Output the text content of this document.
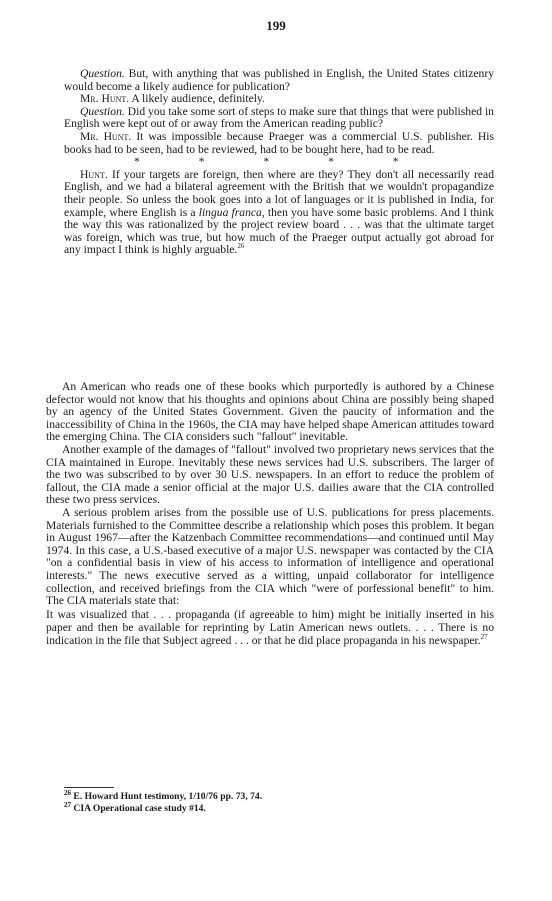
199

Question. But, with anything that was published in English, the United States citizenry would become a likely audience for publication?

Mr. Hunt. A likely audience, definitely.

Question. Did you take some sort of steps to make sure that things that were published in English were kept out of or away from the American reading public?

Mr. Hunt. It was impossible because Praeger was a commercial U.S. publisher. His books had to be seen, had to be reviewed, had to be bought here, had to be read.

* * * * *

Hunt. If your targets are foreign, then where are they? They don't all necessarily read English, and we had a bilateral agreement with the British that we wouldn't propagandize their people. So unless the book goes into a lot of languages or it is published in India, for example, where English is a lingua franca, then you have some basic problems. And I think the way this was rationalized by the project review board . . . was that the ultimate target was foreign, which was true, but how much of the Praeger output actually got abroad for any impact I think is highly arguable.$^{26}$

An American who reads one of these books which purportedly is authored by a Chinese defector would not know that his thoughts and opinions about China are possibly being shaped by an agency of the United States Government. Given the paucity of information and the inaccessibility of China in the 1960s, the CIA may have helped shape American attitudes toward the emerging China. The CIA considers such "fallout" inevitable.

Another example of the damages of "fallout" involved two proprietary news services that the CIA maintained in Europe. Inevitably these news services had U.S. subscribers. The larger of the two was subscribed to by over 30 U.S. newspapers. In an effort to reduce the problem of fallout, the CIA made a senior official at the major U.S. dailies aware that the CIA controlled these two press services.

A serious problem arises from the possible use of U.S. publications for press placements. Materials furnished to the Committee describe a relationship which poses this problem. It began in August 1967—after the Katzenbach Committee recommendations—and continued until May 1974. In this case, a U.S.-based executive of a major U.S. newspaper was contacted by the CIA "on a confidential basis in view of his access to information of intelligence and operational interests." The news executive served as a witting, unpaid collaborator for intelligence collection, and received briefings from the CIA which "were of porfessional benefit" to him. The CIA materials state that:

It was visualized that . . . propaganda (if agreeable to him) might be initially inserted in his paper and then be available for reprinting by Latin American news outlets. . . . There is no indication in the file that Subject agreed . . . or that he did place propaganda in his newspaper.$^{27}$

$^{26}$ E. Howard Hunt testimony, 1/10/76 pp. 73, 74.
$^{27}$ CIA Operational case study #14.
